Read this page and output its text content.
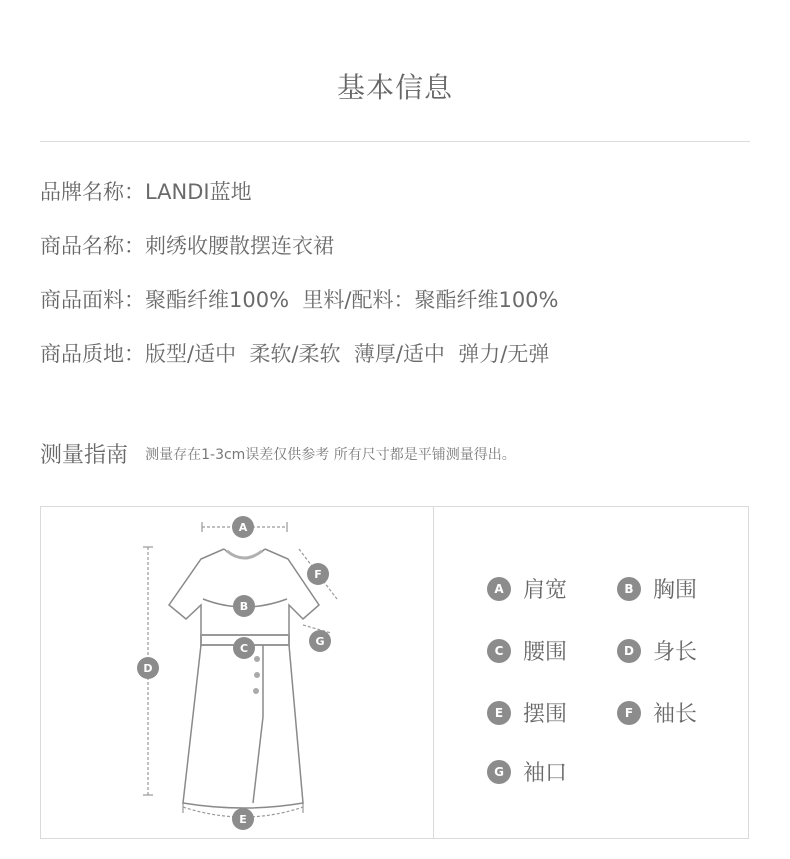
基本信息
品牌名称：LANDI蓝地
商品名称：刺绣收腰散摆连衣裙
商品面料：聚酯纤维100%  里料/配料：聚酯纤维100%
商品质地：版型/适中  柔软/柔软  薄厚/适中  弹力/无弹
测量指南 测量存在1-3cm误差仅供参考 所有尺寸都是平铺测量得出。
A
B
C
D
E
F
G
A 肩宽	B 胸围
C 腰围	D 身长
E 摆围	F 袖长
G 袖口
